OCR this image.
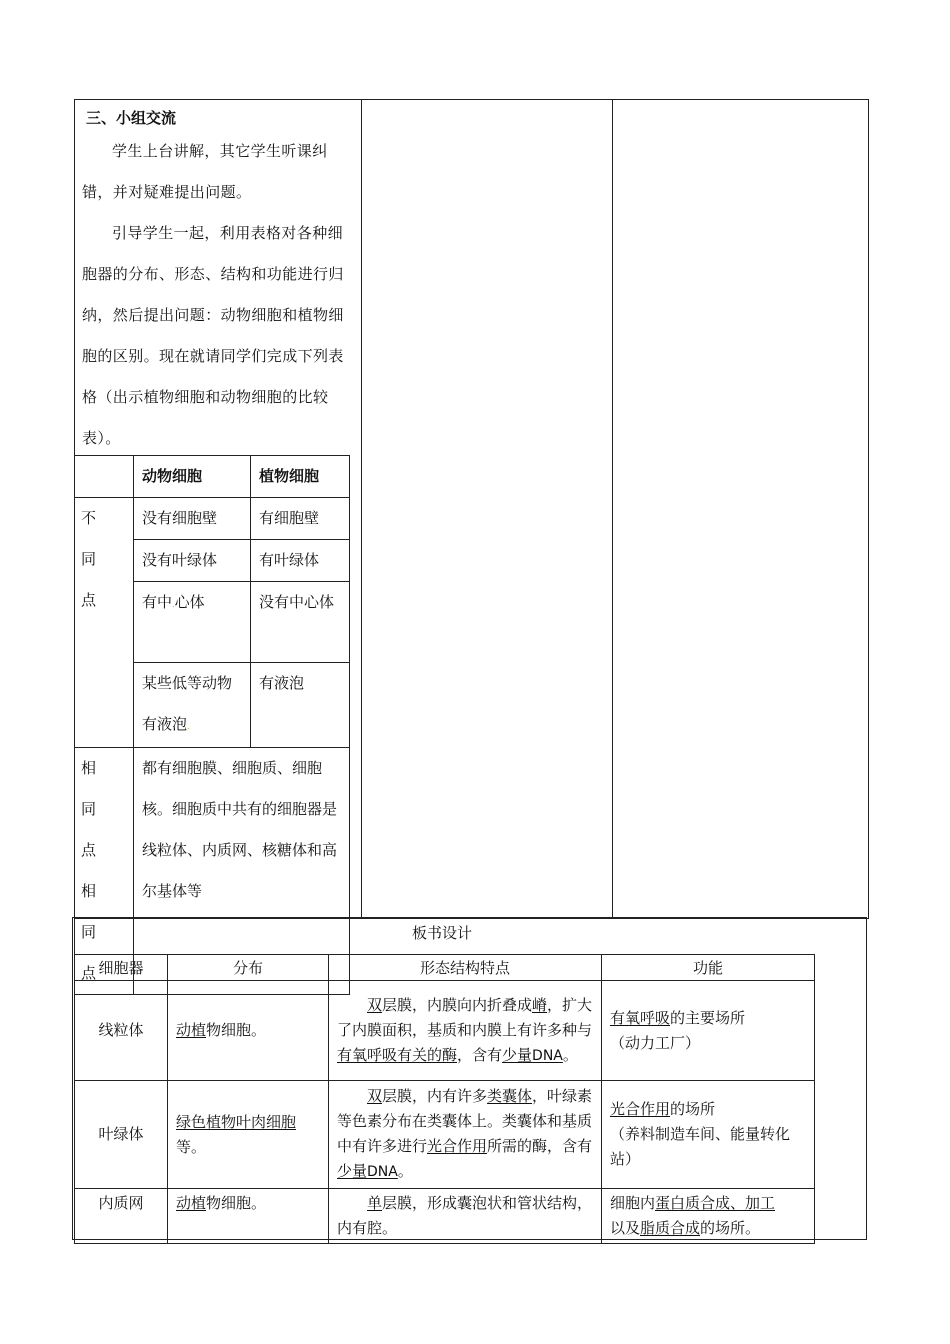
三、小组交流

学生上台讲解，其它学生听课纠错，并对疑难提出问题。

引导学生一起，利用表格对各种细胞器的分布、形态、结构和功能进行归纳，然后提出问题：动物细胞和植物细胞的区别。现在就请同学们完成下列表格（出示植物细胞和动物细胞的比较表）。

	动物细胞	植物细胞
不同点	没有细胞壁	有细胞壁
	没有叶绿体	有叶绿体
	有中.心体	没有中心体
	某些低等动物有液泡.	有液泡

相同点
相同点	都有细胞膜、细胞质、细胞核。细胞质中共有的细胞器是线粒体、内质网、核糖体和高尔基体等	
板书设计
细胞器	分布	形态结构特点	功能
线粒体	动植物细胞。	双层膜，内膜向内折叠成嵴，扩大了内膜面积，基质和内膜上有许多种与有氧呼吸有关的酶，含有少量DNA。	有氧呼吸的主要场所
（动力工厂）
叶绿体	绿色植物叶肉细胞等。	双层膜，内有许多类囊体，叶绿素等色素分布在类囊体上。类囊体和基质中有许多进行光合作用所需的酶，含有少量DNA。	光合作用的场所
（养料制造车间、能量转化站）
内质网	动植物细胞。	单层膜，形成囊泡状和管状结构，内有腔。	细胞内蛋白质合成、加工
以及脂质合成的场所。
